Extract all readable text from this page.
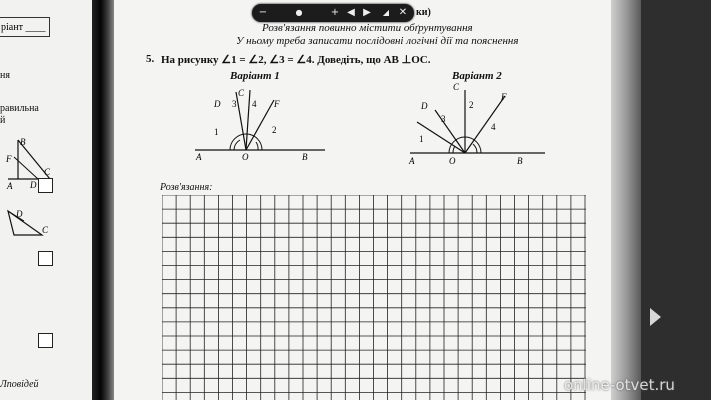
ріант ____
ня
равильна
й
B
F
A D
C
D
C
Лповідей
Розв'язання повинно містити обґрунтування
У ньому треба записати послідовні логічні дії та пояснення
5. На рисунку ∠1 = ∠2, ∠3 = ∠4. Доведіть, що AB ⊥OC.
Варіант 1	Варіант 2
A	B
O
C
D	F
1	2
3 4
A	B
O
C
D
F
1
2
3
4
Розв'язання:
−	●	+ ◀ ▶	◢ ✕ ки)
online-otvet.ru
